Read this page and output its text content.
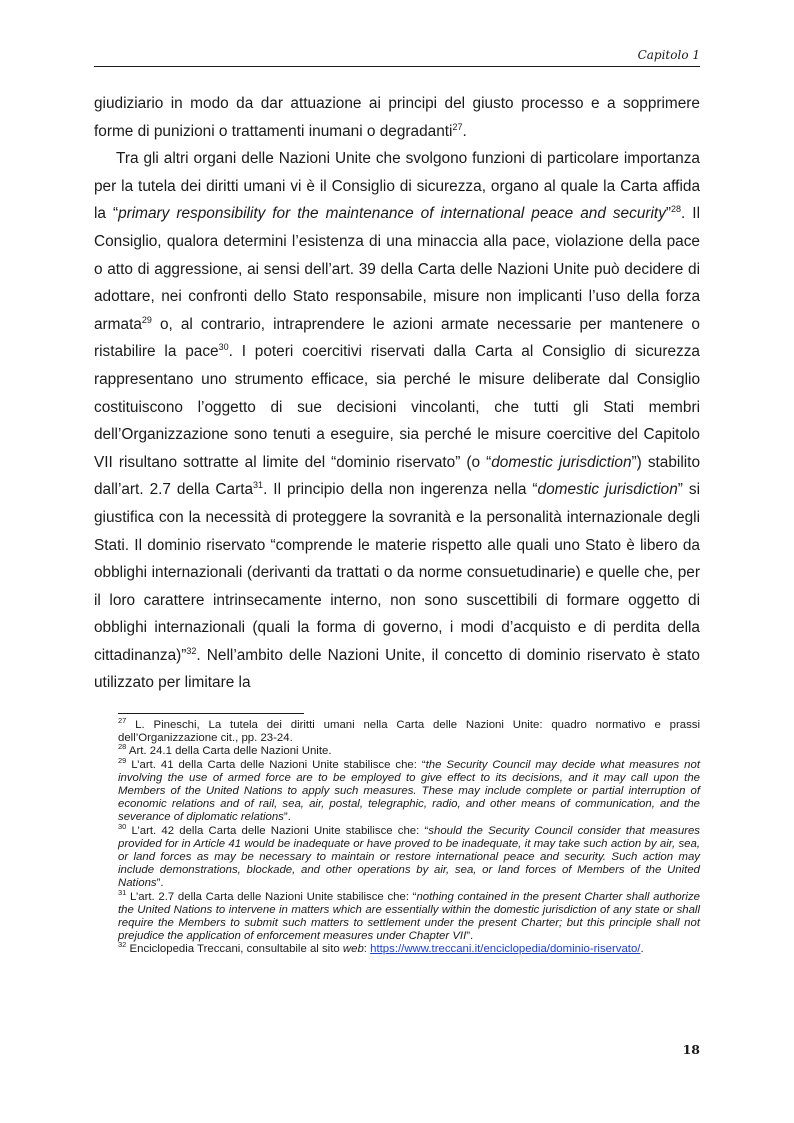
Capitolo 1

giudiziario in modo da dar attuazione ai principi del giusto processo e a sopprimere forme di punizioni o trattamenti inumani o degradanti$^{27}$.

Tra gli altri organi delle Nazioni Unite che svolgono funzioni di particolare importanza per la tutela dei diritti umani vi è il Consiglio di sicurezza, organo al quale la Carta affida la “primary responsibility for the maintenance of international peace and security”$^{28}$. Il Consiglio, qualora determini l’esistenza di una minaccia alla pace, violazione della pace o atto di aggressione, ai sensi dell’art. 39 della Carta delle Nazioni Unite può decidere di adottare, nei confronti dello Stato responsabile, misure non implicanti l’uso della forza armata$^{29}$ o, al contrario, intraprendere le azioni armate necessarie per mantenere o ristabilire la pace$^{30}$. I poteri coercitivi riservati dalla Carta al Consiglio di sicurezza rappresentano uno strumento efficace, sia perché le misure deliberate dal Consiglio costituiscono l’oggetto di sue decisioni vincolanti, che tutti gli Stati membri dell’Organizzazione sono tenuti a eseguire, sia perché le misure coercitive del Capitolo VII risultano sottratte al limite del “dominio riservato” (o “domestic jurisdiction”) stabilito dall’art. 2.7 della Carta$^{31}$. Il principio della non ingerenza nella “domestic jurisdiction” si giustifica con la necessità di proteggere la sovranità e la personalità internazionale degli Stati. Il dominio riservato “comprende le materie rispetto alle quali uno Stato è libero da obblighi internazionali (derivanti da trattati o da norme consuetudinarie) e quelle che, per il loro carattere intrinsecamente interno, non sono suscettibili di formare oggetto di obblighi internazionali (quali la forma di governo, i modi d’acquisto e di perdita della cittadinanza)”$^{32}$. Nell’ambito delle Nazioni Unite, il concetto di dominio riservato è stato utilizzato per limitare la

$^{27}$ L. Pineschi, La tutela dei diritti umani nella Carta delle Nazioni Unite: quadro normativo e prassi dell’Organizzazione cit., pp. 23-24.

$^{28}$ Art. 24.1 della Carta delle Nazioni Unite.

$^{29}$ L’art. 41 della Carta delle Nazioni Unite stabilisce che: “the Security Council may decide what measures not involving the use of armed force are to be employed to give effect to its decisions, and it may call upon the Members of the United Nations to apply such measures. These may include complete or partial interruption of economic relations and of rail, sea, air, postal, telegraphic, radio, and other means of communication, and the severance of diplomatic relations”.

$^{30}$ L’art. 42 della Carta delle Nazioni Unite stabilisce che: “should the Security Council consider that measures provided for in Article 41 would be inadequate or have proved to be inadequate, it may take such action by air, sea, or land forces as may be necessary to maintain or restore international peace and security. Such action may include demonstrations, blockade, and other operations by air, sea, or land forces of Members of the United Nations”.

$^{31}$ L’art. 2.7 della Carta delle Nazioni Unite stabilisce che: “nothing contained in the present Charter shall authorize the United Nations to intervene in matters which are essentially within the domestic jurisdiction of any state or shall require the Members to submit such matters to settlement under the present Charter; but this principle shall not prejudice the application of enforcement measures under Chapter VII”.

$^{32}$ Enciclopedia Treccani, consultabile al sito web: https://www.treccani.it/enciclopedia/dominio-riservato/.

18
